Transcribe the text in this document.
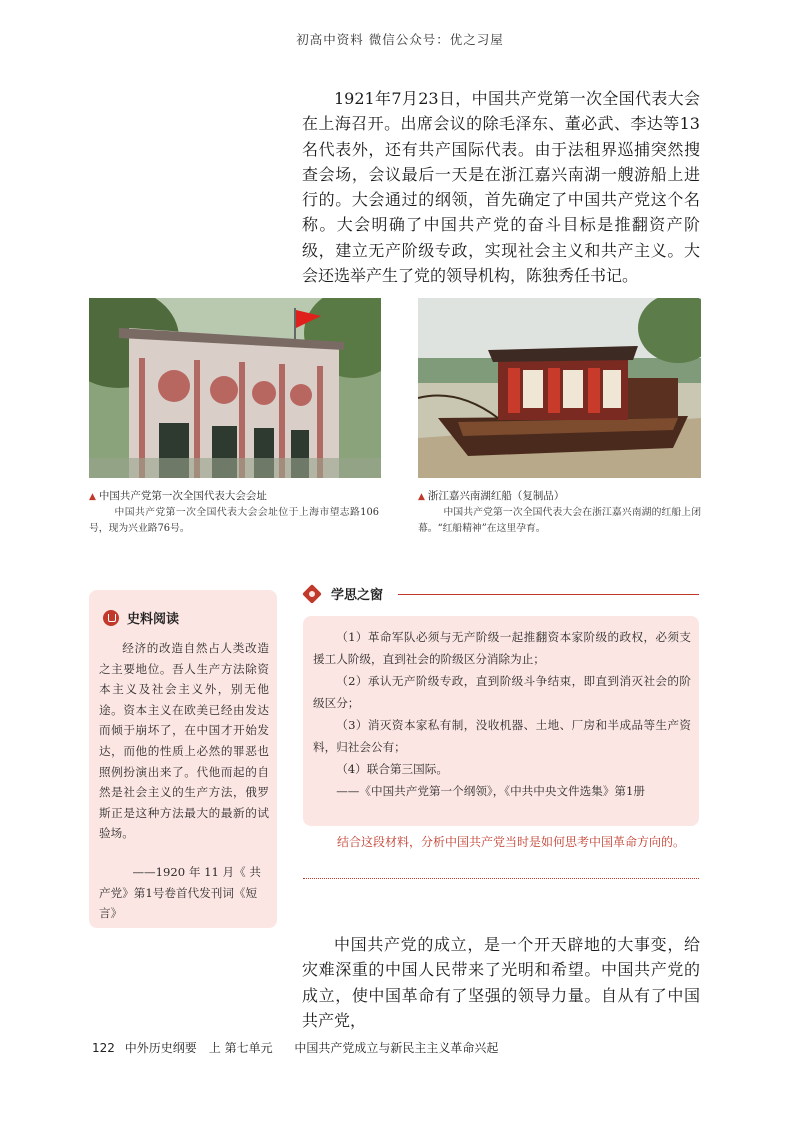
初高中资料 微信公众号：优之习屋

1921年7月23日，中国共产党第一次全国代表大会在上海召开。出席会议的除毛泽东、董必武、李达等13名代表外，还有共产国际代表。由于法租界巡捕突然搜查会场，会议最后一天是在浙江嘉兴南湖一艘游船上进行的。大会通过的纲领，首先确定了中国共产党这个名称。大会明确了中国共产党的奋斗目标是推翻资产阶级，建立无产阶级专政，实现社会主义和共产主义。大会还选举产生了党的领导机构，陈独秀任书记。

▲ 中国共产党第一次全国代表大会会址

中国共产党第一次全国代表大会会址位于上海市望志路106号，现为兴业路76号。

▲ 浙江嘉兴南湖红船（复制品）

中国共产党第一次全国代表大会在浙江嘉兴南湖的红船上闭幕。“红船精神”在这里孕育。

史料阅读

经济的改造自然占人类改造之主要地位。吾人生产方法除资本主义及社会主义外，别无他途。资本主义在欧美已经由发达而倾于崩坏了，在中国才开始发达，而他的性质上必然的罪恶也照例扮演出来了。代他而起的自然是社会主义的生产方法，俄罗斯正是这种方法最大的最新的试验场。

——1920 年 11 月《 共
产党》第1号卷首代发刊词《短言》
学思之窗

（1）革命军队必须与无产阶级一起推翻资本家阶级的政权，必须支援工人阶级，直到社会的阶级区分消除为止；

（2）承认无产阶级专政，直到阶级斗争结束，即直到消灭社会的阶级区分；

（3）消灭资本家私有制，没收机器、土地、厂房和半成品等生产资料，归社会公有；

（4）联合第三国际。

——《中国共产党第一个纲领》，《中共中央文件选集》第1册

结合这段材料，分析中国共产党当时是如何思考中国革命方向的。

中国共产党的成立，是一个开天辟地的大事变，给灾难深重的中国人民带来了光明和希望。中国共产党的成立，使中国革命有了坚强的领导力量。自从有了中国共产党，

122 中外历史纲要　上 第七单元 中国共产党成立与新民主主义革命兴起
